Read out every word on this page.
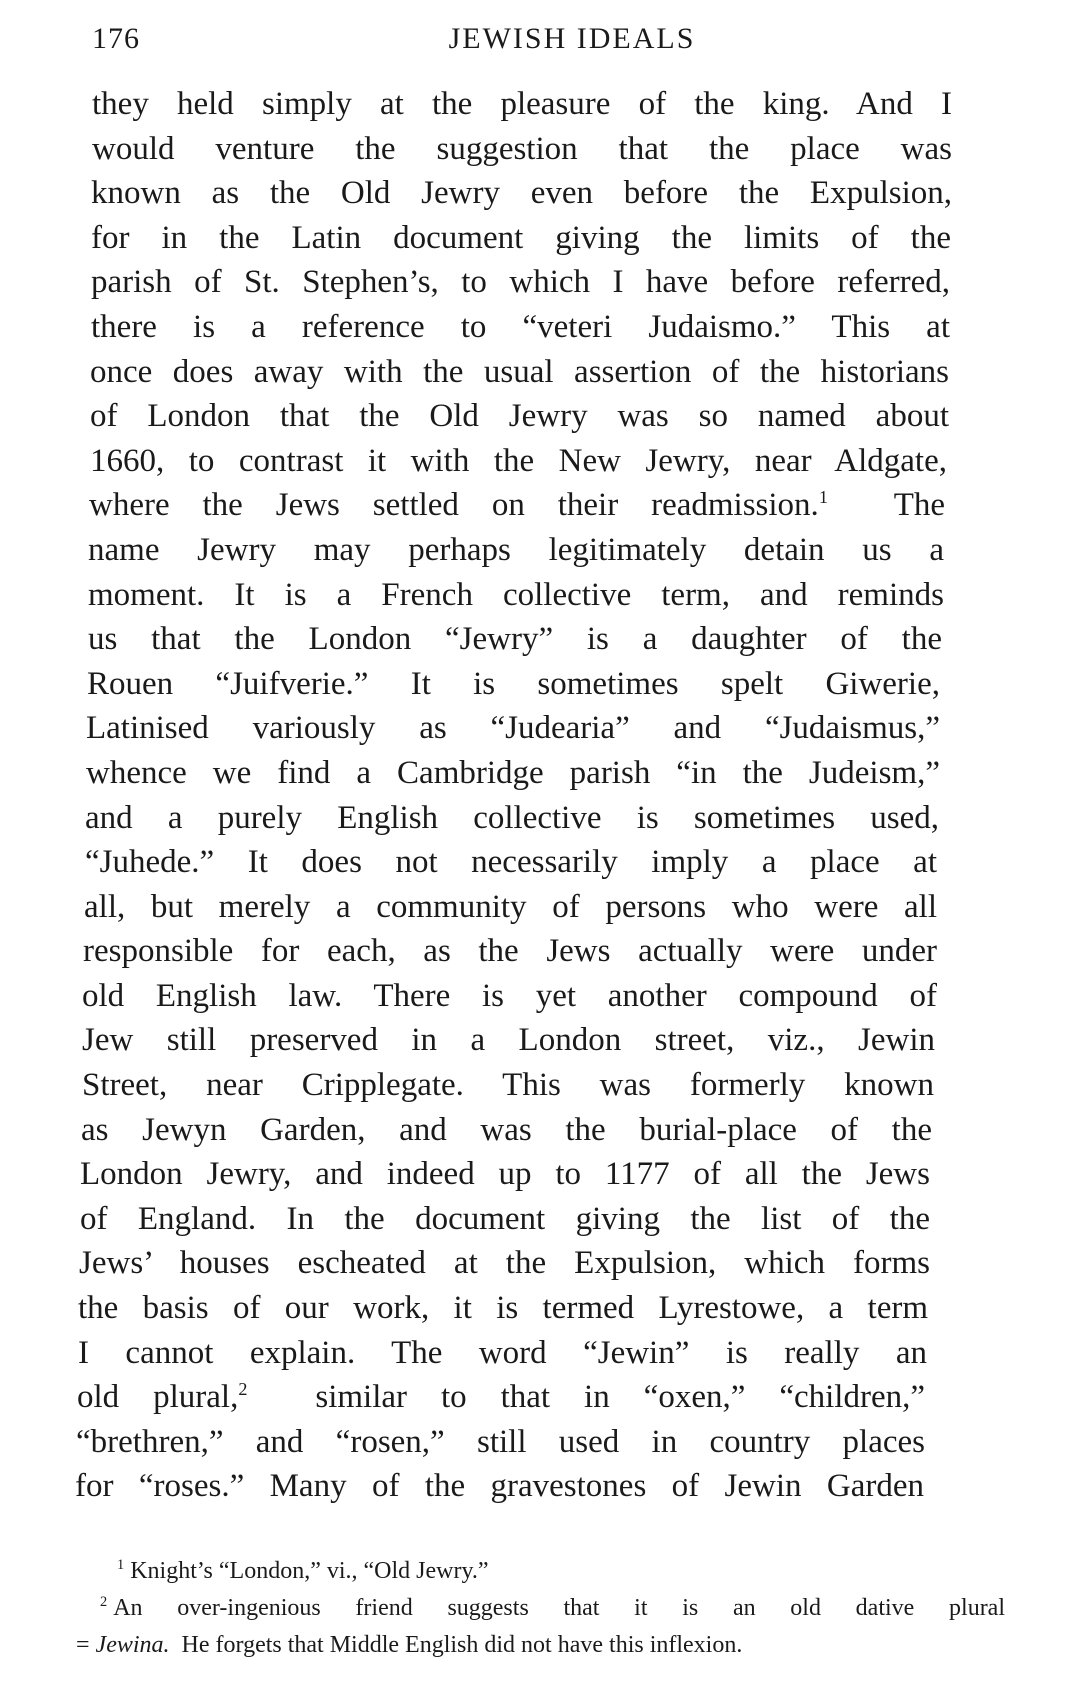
176	JEWISH IDEALS
they held simply at the pleasure of the king. And I
would venture the suggestion that the place was
known as the Old Jewry even before the Expulsion,
for in the Latin document giving the limits of the
parish of St. Stephen’s, to which I have before referred,
there is a reference to “veteri Judaismo.” This at
once does away with the usual assertion of the historians
of London that the Old Jewry was so named about
1660, to contrast it with the New Jewry, near Aldgate,
where the Jews settled on their readmission.$^1$ The
name Jewry may perhaps legitimately detain us a
moment. It is a French collective term, and reminds
us that the London “Jewry” is a daughter of the
Rouen “Juifverie.” It is sometimes spelt Giwerie,
Latinised variously as “Judearia” and “Judaismus,”
whence we find a Cambridge parish “in the Judeism,”
and a purely English collective is sometimes used,
“Juhede.” It does not necessarily imply a place at
all, but merely a community of persons who were all
responsible for each, as the Jews actually were under
old English law. There is yet another compound of
Jew still preserved in a London street, viz., Jewin
Street, near Cripplegate. This was formerly known
as Jewyn Garden, and was the burial-place of the
London Jewry, and indeed up to 1177 of all the Jews
of England. In the document giving the list of the
Jews’ houses escheated at the Expulsion, which forms
the basis of our work, it is termed Lyrestowe, a term
I cannot explain. The word “Jewin” is really an
old plural,$^2$ similar to that in “oxen,” “children,”
“brethren,” and “rosen,” still used in country places
for “roses.” Many of the gravestones of Jewin Garden
$^1$ Knight’s “London,” vi., “Old Jewry.”
$^2$ An over-ingenious friend suggests that it is an old dative plural
= Jewina. He forgets that Middle English did not have this inflexion.
